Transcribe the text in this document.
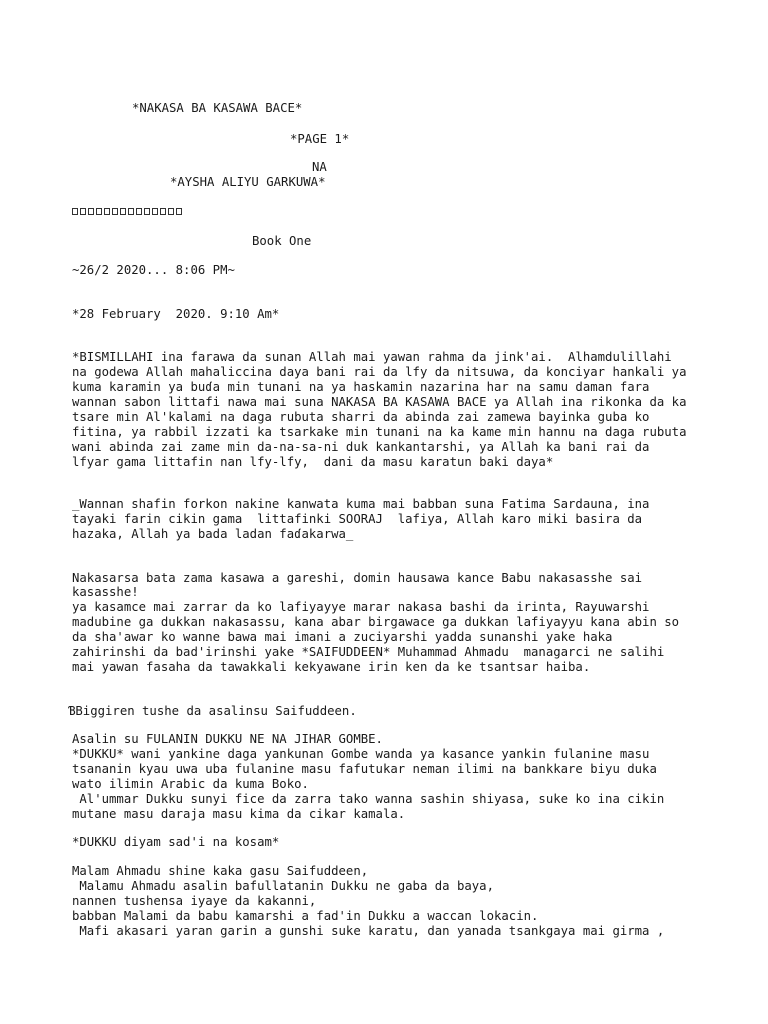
*NAKASA BA KASAWA BACE*
*PAGE 1*
NA
*AYSHA ALIYU GARKUWA*
Book One
~26/2 2020... 8:06 PM~
*28 February  2020. 9:10 Am*
*BISMILLAHI ina farawa da sunan Allah mai yawan rahma da jink'ai.  Alhamdulillahi
na godewa Allah mahaliccina daya bani rai da lfy da nitsuwa, da konciyar hankali ya
kuma karamin ya buɗa min tunani na ya haskamin nazarina har na samu daman fara
wannan sabon littafi nawa mai suna NAKASA BA KASAWA BACE ya Allah ina rikonka da ka
tsare min Al'kalami na daga rubuta sharri da abinda zai zamewa bayinka guba ko
fitina, ya rabbil izzati ka tsarkake min tunani na ka kame min hannu na daga rubuta
wani abinda zai zame min da-na-sa-ni duk kankantarshi, ya Allah ka bani rai da
lfyar gama littafin nan lfy-lfy,  dani da masu karatun baki daya*
_Wannan shafin forkon nakine kanwata kuma mai babban suna Fatima Sardauna, ina
tayaki farin cikin gama  littafinki SOORAJ  lafiya, Allah karo miki basira da
hazaka, Allah ya bada ladan faɗakarwa_
Nakasarsa bata zama kasawa a gareshi, domin hausawa kance Babu nakasasshe sai
kasasshe!
ya kasamce mai zarrar da ko lafiyayye marar nakasa bashi da irinta, Rayuwarshi
madubine ga dukkan nakasassu, kana abar birgawace ga dukkan lafiyayyu kana abin so
da sha'awar ko wanne bawa mai imani a zuciyarshi yadda sunanshi yake haka
zahirinshi da bad'irinshi yake *SAIFUDDEEN* Muhammad Ahmadu  managarci ne salihi
mai yawan fasaha da tawakkali kekyawane irin ken da ke tsantsar haiba.
ƁBiggiren tushe da asalinsu Saifuddeen.
Asalin su FULANIN DUKKU NE NA JIHAR GOMBE.
*DUKKU* wani yankine daga yankunan Gombe wanda ya kasance yankin fulanine masu
tsananin kyau uwa uba fulanine masu fafutukar neman ilimi na bankkare biyu duka
wato ilimin Arabic da kuma Boko.
Al'ummar Dukku sunyi fice da zarra tako wanna sashin shiyasa, suke ko ina cikin
mutane masu daraja masu kima da cikar kamala.
*DUKKU diyam sad'i na kosam*
Malam Ahmadu shine kaka gasu Saifuddeen,
Malamu Ahmadu asalin bafullatanin Dukku ne gaba da baya,
nannen tushensa iyaye da kakanni,
babban Malami da babu kamarshi a fad'in Dukku a waccan lokacin.
Mafi akasari yaran garin a gunshi suke karatu, dan yanada tsankgaya mai girma ,
